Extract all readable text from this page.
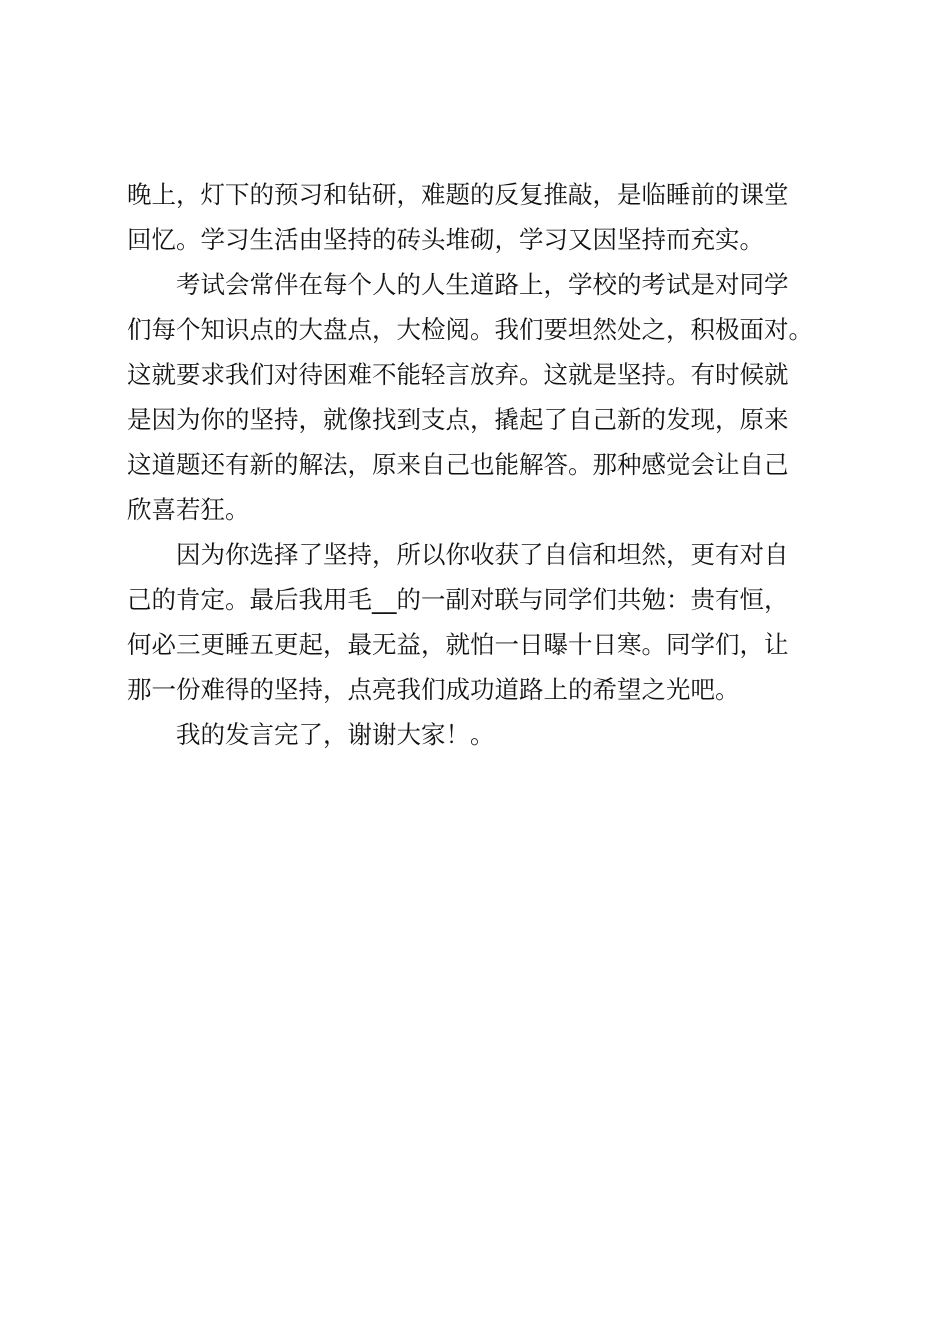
晚上，灯下的预习和钻研，难题的反复推敲，是临睡前的课堂
回忆。学习生活由坚持的砖头堆砌，学习又因坚持而充实。
考试会常伴在每个人的人生道路上，学校的考试是对同学
们每个知识点的大盘点，大检阅。我们要坦然处之，积极面对。
这就要求我们对待困难不能轻言放弃。这就是坚持。有时候就
是因为你的坚持，就像找到支点，撬起了自己新的发现，原来
这道题还有新的解法，原来自己也能解答。那种感觉会让自己
欣喜若狂。
因为你选择了坚持，所以你收获了自信和坦然，更有对自
己的肯定。最后我用毛__的一副对联与同学们共勉：贵有恒，
何必三更睡五更起，最无益，就怕一日曝十日寒。同学们，让
那一份难得的坚持，点亮我们成功道路上的希望之光吧。
我的发言完了，谢谢大家！。
